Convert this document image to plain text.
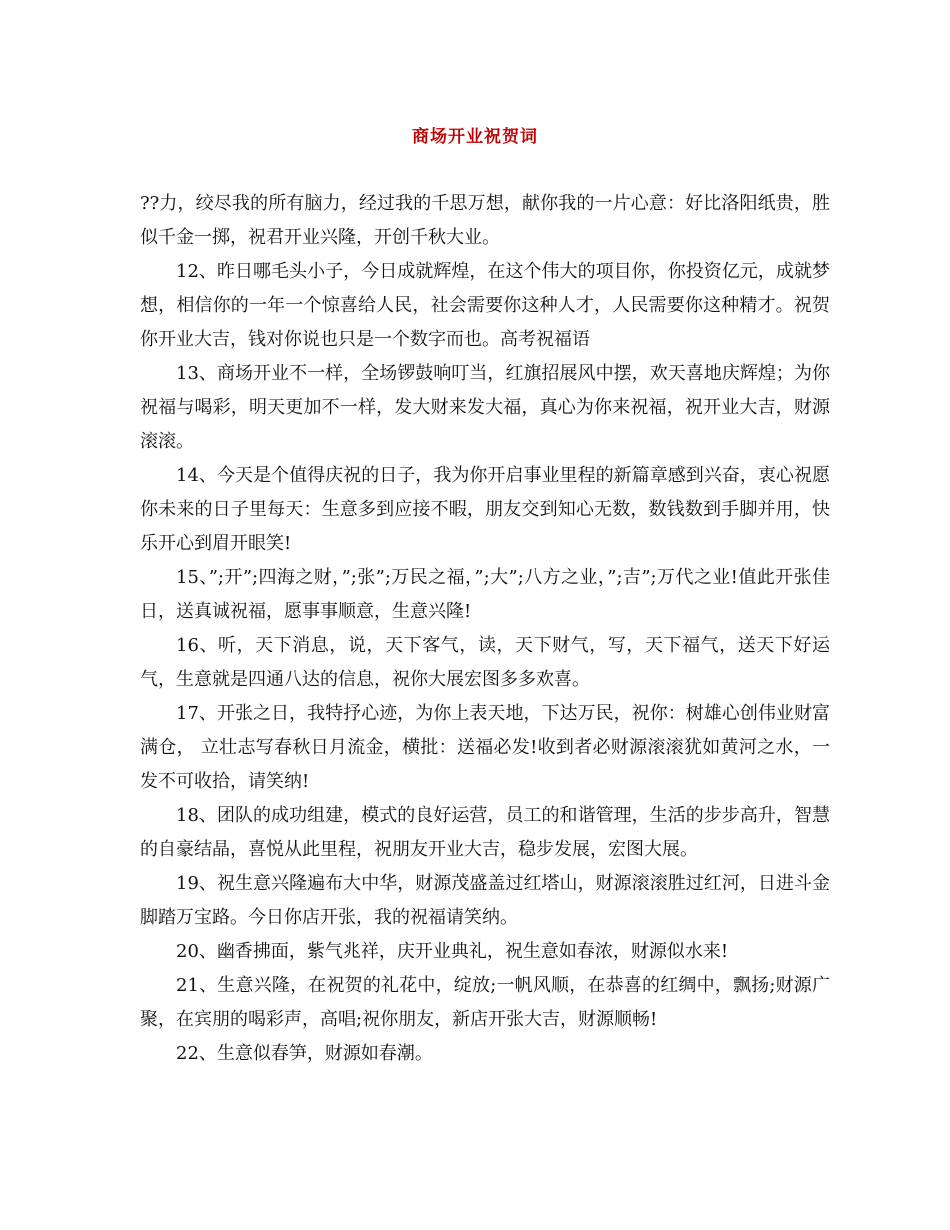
商场开业祝贺词

??力，绞尽我的所有脑力，经过我的千思万想，献你我的一片心意：好比洛阳纸贵，胜似千金一掷，祝君开业兴隆，开创千秋大业。

12、昨日哪毛头小子，今日成就辉煌，在这个伟大的项目你，你投资亿元，成就梦想，相信你的一年一个惊喜给人民，社会需要你这种人才，人民需要你这种精才。祝贺你开业大吉，钱对你说也只是一个数字而也。高考祝福语

13、商场开业不一样，全场锣鼓响叮当，红旗招展风中摆，欢天喜地庆辉煌；为你祝福与喝彩，明天更加不一样，发大财来发大福，真心为你来祝福，祝开业大吉，财源滚滚。

14、今天是个值得庆祝的日子，我为你开启事业里程的新篇章感到兴奋，衷心祝愿你未来的日子里每天：生意多到应接不暇，朋友交到知心无数，数钱数到手脚并用，快乐开心到眉开眼笑!

15、”;开”;四海之财，”;张”;万民之福，”;大”;八方之业，”;吉”;万代之业!值此开张佳日，送真诚祝福，愿事事顺意，生意兴隆!

16、听，天下消息，说，天下客气，读，天下财气，写，天下福气，送天下好运气，生意就是四通八达的信息，祝你大展宏图多多欢喜。

17、开张之日，我特抒心迹，为你上表天地，下达万民，祝你：树雄心创伟业财富满仓， 立壮志写春秋日月流金，横批：送福必发!收到者必财源滚滚犹如黄河之水，一发不可收拾，请笑纳!

18、团队的成功组建，模式的良好运营，员工的和谐管理，生活的步步高升，智慧的自豪结晶，喜悦从此里程，祝朋友开业大吉，稳步发展，宏图大展。

19、祝生意兴隆遍布大中华，财源茂盛盖过红塔山，财源滚滚胜过红河，日进斗金脚踏万宝路。今日你店开张，我的祝福请笑纳。

20、幽香拂面，紫气兆祥，庆开业典礼，祝生意如春浓，财源似水来!

21、生意兴隆，在祝贺的礼花中，绽放;一帆风顺，在恭喜的红绸中，飘扬;财源广聚，在宾朋的喝彩声，高唱;祝你朋友，新店开张大吉，财源顺畅!

22、生意似春笋，财源如春潮。
